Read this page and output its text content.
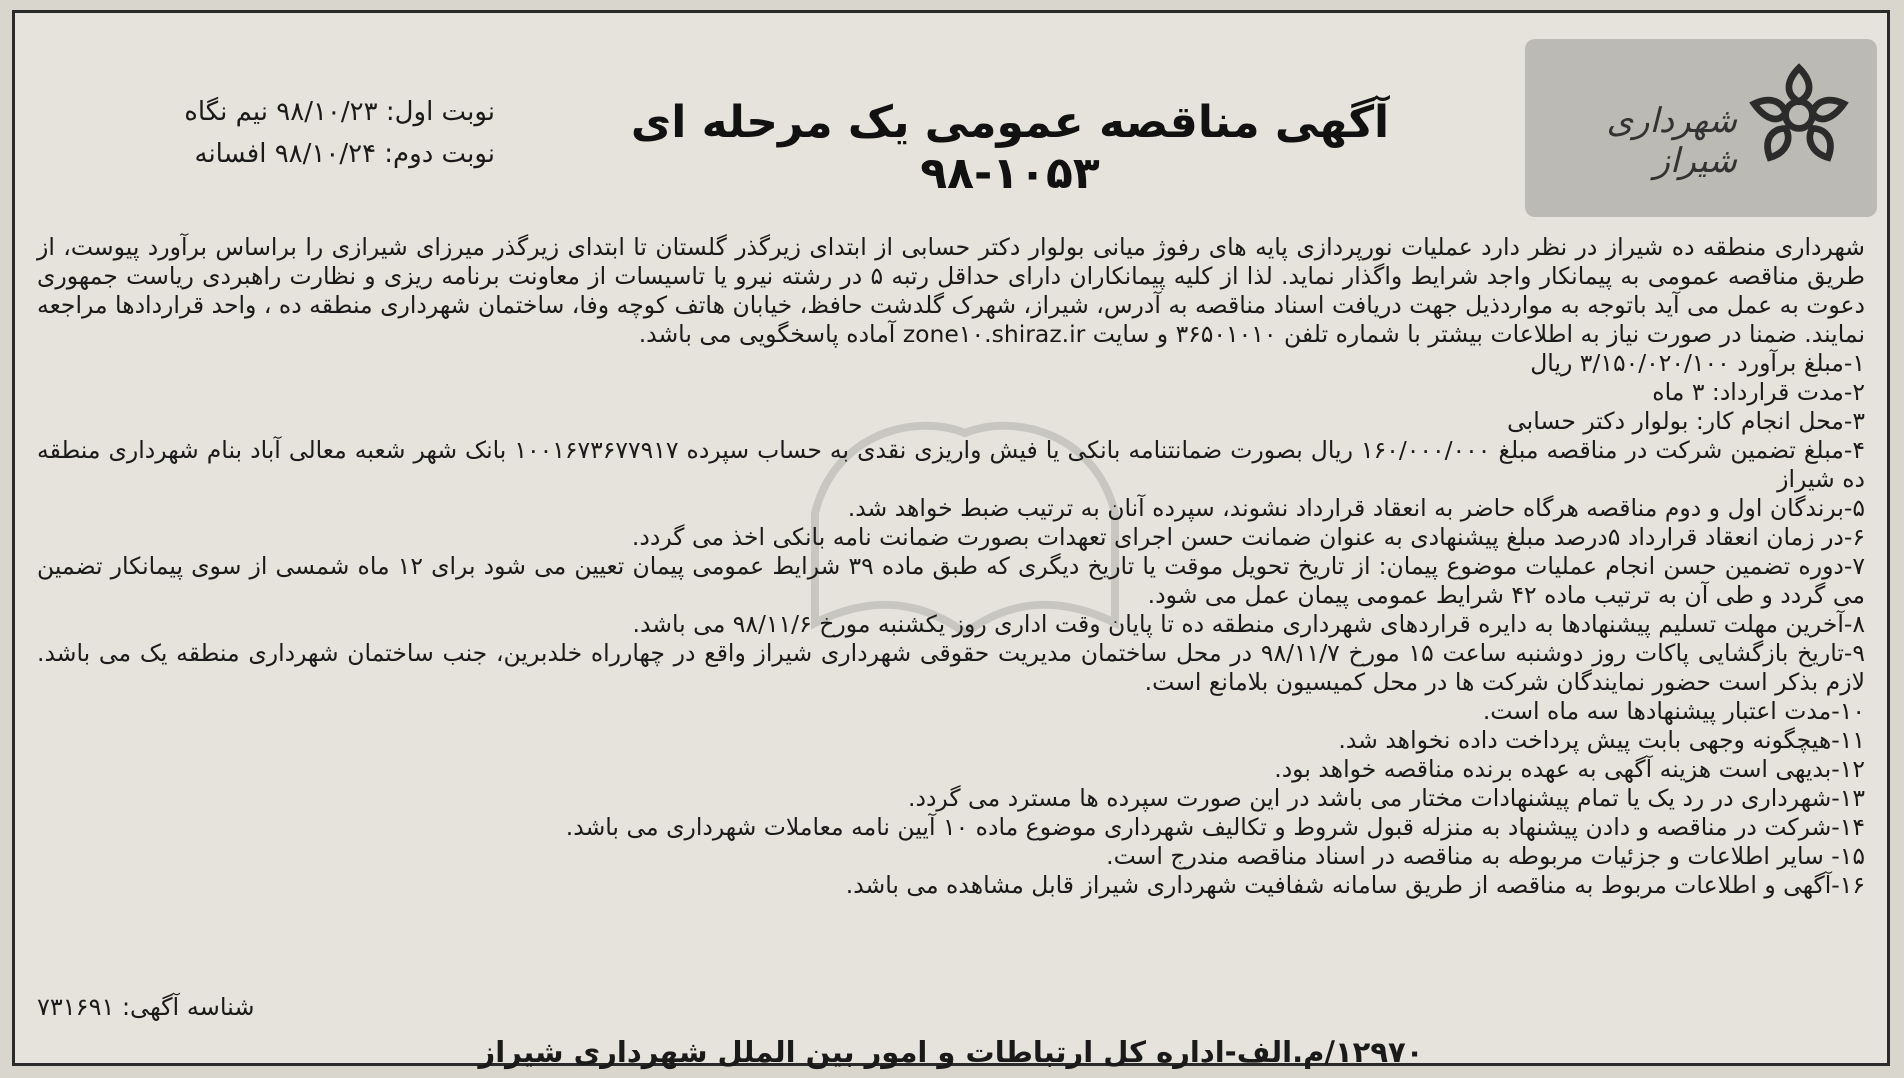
شهرداری شیراز
آگهی مناقصه عمومی یک مرحله ای ۱۰۵۳-۹۸
نوبت اول: ۹۸/۱۰/۲۳ نیم نگاه
نوبت دوم: ۹۸/۱۰/۲۴ افسانه

شهرداری منطقه ده شیراز در نظر دارد عملیات نورپردازی پایه های رفوژ میانی بولوار دکتر حسابی از ابتدای زیرگذر گلستان تا ابتدای زیرگذر میرزای شیرازی را براساس برآورد پیوست، از طریق مناقصه عمومی به پیمانکار واجد شرایط واگذار نماید. لذا از کلیه پیمانکاران دارای حداقل رتبه ۵ در رشته نیرو یا تاسیسات از معاونت برنامه ریزی و نظارت راهبردی ریاست جمهوری دعوت به عمل می آید باتوجه به مواردذیل جهت دریافت اسناد مناقصه به آدرس، شیراز، شهرک گلدشت حافظ، خیابان هاتف کوچه وفا، ساختمان شهرداری منطقه ده ، واحد قراردادها مراجعه نمایند. ضمنا در صورت نیاز به اطلاعات بیشتر با شماره تلفن ۳۶۵۰۱۰۱۰ و سایت zone۱۰.shiraz.ir آماده پاسخگویی می باشد.

۱-مبلغ برآورد ۳/۱۵۰/۰۲۰/۱۰۰ ریال
۲-مدت قرارداد: ۳ ماه
۳-محل انجام کار: بولوار دکتر حسابی
۴-مبلغ تضمین شرکت در مناقصه مبلغ ۱۶۰/۰۰۰/۰۰۰ ریال بصورت ضمانتنامه بانکی یا فیش واریزی نقدی به حساب سپرده ۱۰۰۱۶۷۳۶۷۷۹۱۷ بانک شهر شعبه معالی آباد بنام شهرداری منطقه ده شیراز
۵-برندگان اول و دوم مناقصه هرگاه حاضر به انعقاد قرارداد نشوند، سپرده آنان به ترتیب ضبط خواهد شد.
۶-در زمان انعقاد قرارداد ۵درصد مبلغ پیشنهادی به عنوان ضمانت حسن اجرای تعهدات بصورت ضمانت نامه بانکی اخذ می گردد.
۷-دوره تضمین حسن انجام عملیات موضوع پیمان: از تاریخ تحویل موقت یا تاریخ دیگری که طبق ماده ۳۹ شرایط عمومی پیمان تعیین می شود برای ۱۲ ماه شمسی از سوی پیمانکار تضمین می گردد و طی آن به ترتیب ماده ۴۲ شرایط عمومی پیمان عمل می شود.
۸-آخرین مهلت تسلیم پیشنهادها به دایره قراردهای شهرداری منطقه ده تا پایان وقت اداری روز یکشنبه مورخ ۹۸/۱۱/۶ می باشد.
۹-تاریخ بازگشایی پاکات روز دوشنبه ساعت ۱۵ مورخ ۹۸/۱۱/۷ در محل ساختمان مدیریت حقوقی شهرداری شیراز واقع در چهارراه خلدبرین، جنب ساختمان شهرداری منطقه یک می باشد. لازم بذکر است حضور نمایندگان شرکت ها در محل کمیسیون بلامانع است.
۱۰-مدت اعتبار پیشنهادها سه ماه است.
۱۱-هیچگونه وجهی بابت پیش پرداخت داده نخواهد شد.
۱۲-بدیهی است هزینه آگهی به عهده برنده مناقصه خواهد بود.
۱۳-شهرداری در رد یک یا تمام پیشنهادات مختار می باشد در این صورت سپرده ها مسترد می گردد.
۱۴-شرکت در مناقصه و دادن پیشنهاد به منزله قبول شروط و تکالیف شهرداری موضوع ماده ۱۰ آیین نامه معاملات شهرداری می باشد.
۱۵- سایر اطلاعات و جزئیات مربوطه به مناقصه در اسناد مناقصه مندرج است.
۱۶-آگهی و اطلاعات مربوط به مناقصه از طریق سامانه شفافیت شهرداری شیراز قابل مشاهده می باشد.
شناسه آگهی: ۷۳۱۶۹۱
۱۲۹۷۰/م.الف-اداره کل ارتباطات و امور بین الملل شهرداری شیراز
